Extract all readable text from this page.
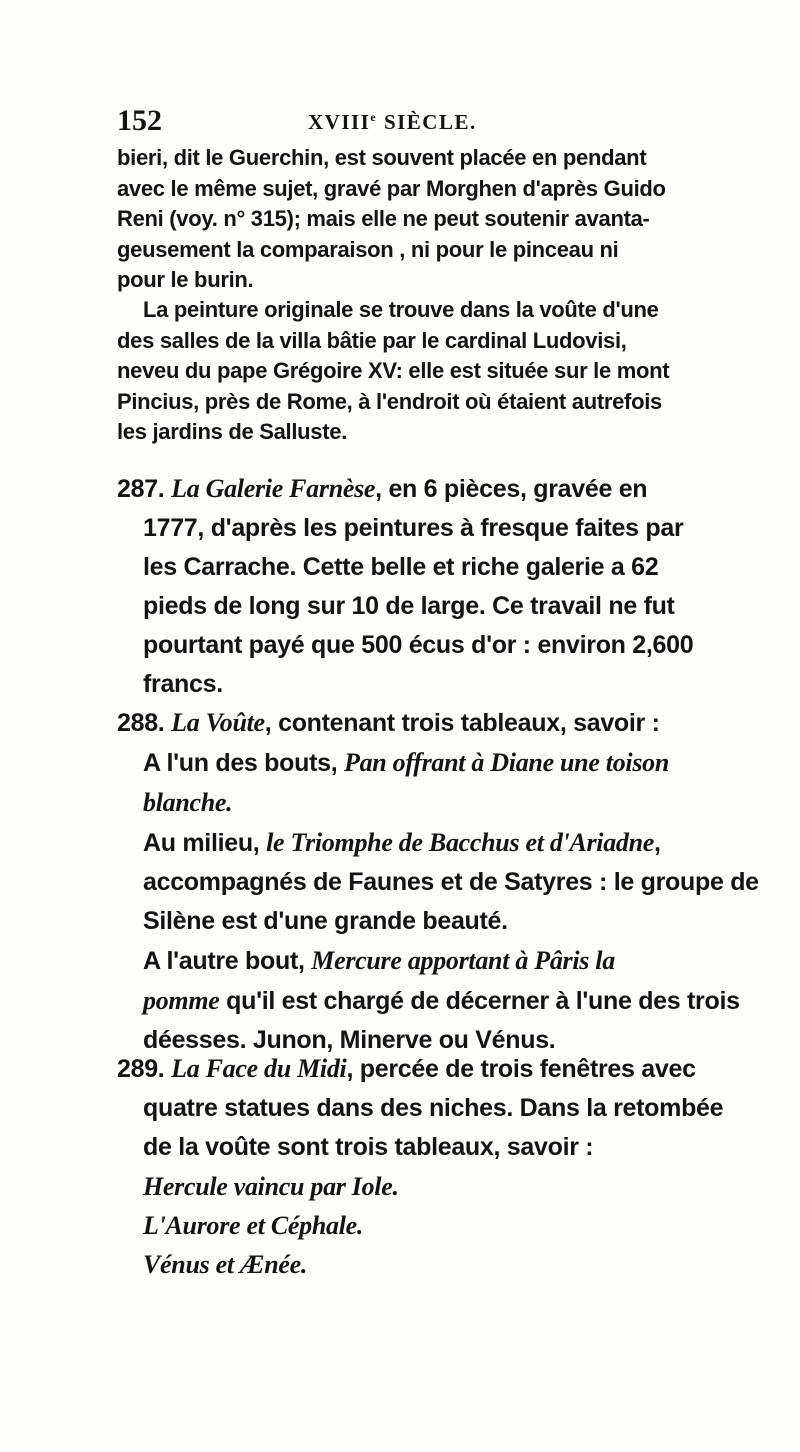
152	XVIIIe SIÈCLE.
bieri, dit le Guerchin, est souvent placée en pendant
avec le même sujet, gravé par Morghen d'après Guido
Reni (voy. n° 315); mais elle ne peut soutenir avanta-
geusement la comparaison , ni pour le pinceau ni
pour le burin.
La peinture originale se trouve dans la voûte d'une
des salles de la villa bâtie par le cardinal Ludovisi,
neveu du pape Grégoire XV: elle est située sur le mont
Pincius, près de Rome, à l'endroit où étaient autrefois
les jardins de Salluste.
287. La Galerie Farnèse, en 6 pièces, gravée en
1777, d'après les peintures à fresque faites par
les Carrache. Cette belle et riche galerie a 62
pieds de long sur 10 de large. Ce travail ne fut
pourtant payé que 500 écus d'or : environ 2,600
francs.
288. La Voûte, contenant trois tableaux, savoir :
A l'un des bouts, Pan offrant à Diane une toison
blanche.
Au milieu, le Triomphe de Bacchus et d'Ariadne,
accompagnés de Faunes et de Satyres : le groupe de
Silène est d'une grande beauté.
A l'autre bout, Mercure apportant à Pâris la
pomme qu'il est chargé de décerner à l'une des trois
déesses. Junon, Minerve ou Vénus.
289. La Face du Midi, percée de trois fenêtres avec
quatre statues dans des niches. Dans la retombée
de la voûte sont trois tableaux, savoir :
Hercule vaincu par Iole.
L'Aurore et Céphale.
Vénus et Ænée.
